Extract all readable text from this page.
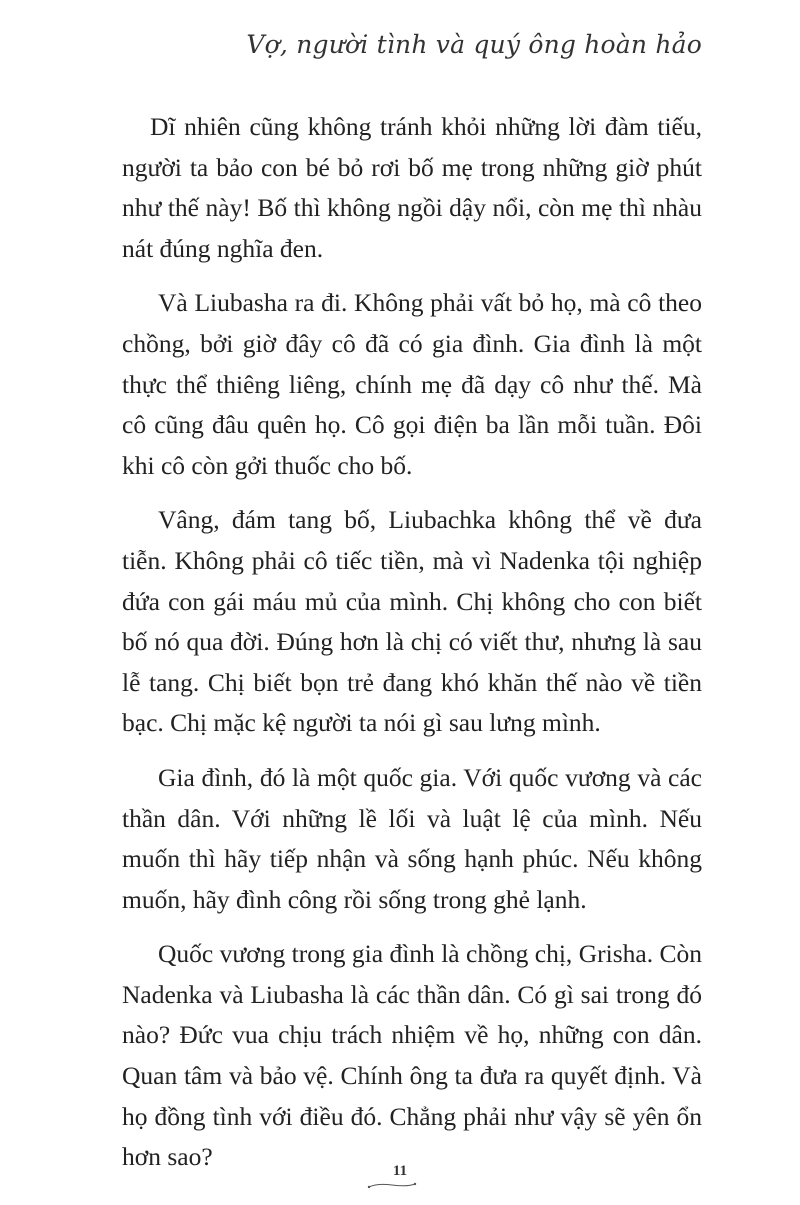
Vợ, người tình và quý ông hoàn hảo

Dĩ nhiên cũng không tránh khỏi những lời đàm tiếu, người ta bảo con bé bỏ rơi bố mẹ trong những giờ phút như thế này! Bố thì không ngồi dậy nổi, còn mẹ thì nhàu nát đúng nghĩa đen.

Và Liubasha ra đi. Không phải vất bỏ họ, mà cô theo chồng, bởi giờ đây cô đã có gia đình. Gia đình là một thực thể thiêng liêng, chính mẹ đã dạy cô như thế. Mà cô cũng đâu quên họ. Cô gọi điện ba lần mỗi tuần. Đôi khi cô còn gởi thuốc cho bố.

Vâng, đám tang bố, Liubachka không thể về đưa tiễn. Không phải cô tiếc tiền, mà vì Nadenka tội nghiệp đứa con gái máu mủ của mình. Chị không cho con biết bố nó qua đời. Đúng hơn là chị có viết thư, nhưng là sau lễ tang. Chị biết bọn trẻ đang khó khăn thế nào về tiền bạc. Chị mặc kệ người ta nói gì sau lưng mình.

Gia đình, đó là một quốc gia. Với quốc vương và các thần dân. Với những lề lối và luật lệ của mình. Nếu muốn thì hãy tiếp nhận và sống hạnh phúc. Nếu không muốn, hãy đình công rồi sống trong ghẻ lạnh.

Quốc vương trong gia đình là chồng chị, Grisha. Còn Nadenka và Liubasha là các thần dân. Có gì sai trong đó nào? Đức vua chịu trách nhiệm về họ, những con dân. Quan tâm và bảo vệ. Chính ông ta đưa ra quyết định. Và họ đồng tình với điều đó. Chẳng phải như vậy sẽ yên ổn hơn sao?	11
